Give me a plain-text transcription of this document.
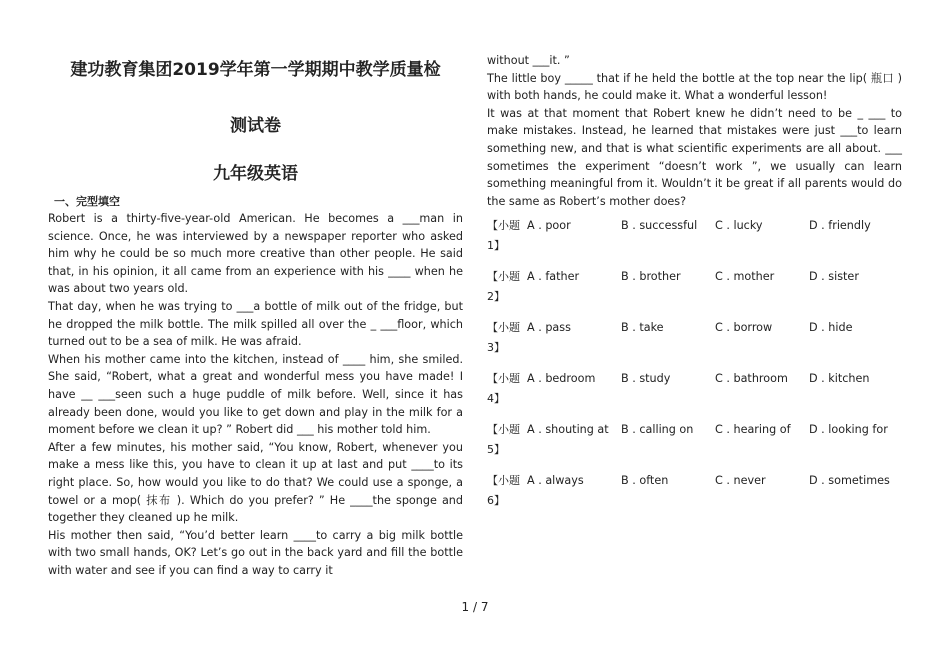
建功教育集团2019学年第一学期期中教学质量检
测试卷
九年级英语
一、完型填空

Robert is a thirty-five-year-old American. He becomes a ___man in science. Once, he was interviewed by a newspaper reporter who asked him why he could be so much more creative than other people. He said that, in his opinion, it all came from an experience with his ____ when he was about two years old.

That day, when he was trying to ___a bottle of milk out of the fridge, but he dropped the milk bottle. The milk spilled all over the _ ___floor, which turned out to be a sea of milk. He was afraid.

When his mother came into the kitchen, instead of ____ him, she smiled. She said, “Robert, what a great and wonderful mess you have made! I have __ ___seen such a huge puddle of milk before. Well, since it has already been done, would you like to get down and play in the milk for a moment before we clean it up? ” Robert did ___ his mother told him.

After a few minutes, his mother said, “You know, Robert, whenever you make a mess like this, you have to clean it up at last and put ____to its right place. So, how would you like to do that? We could use a sponge, a towel or a mop( 抹布 ). Which do you prefer? ” He ____the sponge and together they cleaned up he milk.

His mother then said, “You’d better learn ____to carry a big milk bottle with two small hands, OK? Let’s go out in the back yard and fill the bottle with water and see if you can find a way to carry it

without ___it. ”

The little boy _____ that if he held the bottle at the top near the lip( 瓶口 ) with both hands, he could make it. What a wonderful lesson!

It was at that moment that Robert knew he didn’t need to be _ ___ to make mistakes. Instead, he learned that mistakes were just ___to learn something new, and that is what scientific experiments are all about. ___ sometimes the experiment “doesn’t work ”, we usually can learn something meaningful from it. Wouldn’t it be great if all parents would do the same as Robert’s mother does?

【小题 A . poor	B . successful	C . lucky	D . friendly
1】
【小题 A . father	B . brother	C . mother	D . sister
2】
【小题 A . pass	B . take	C . borrow	D . hide
3】
【小题 A . bedroom	B . study	C . bathroom	D . kitchen
4】
【小题 A . shouting at	B . calling on	C . hearing of	D . looking for
5】
【小题 A . always	B . often	C . never	D . sometimes
6】
1 / 7
